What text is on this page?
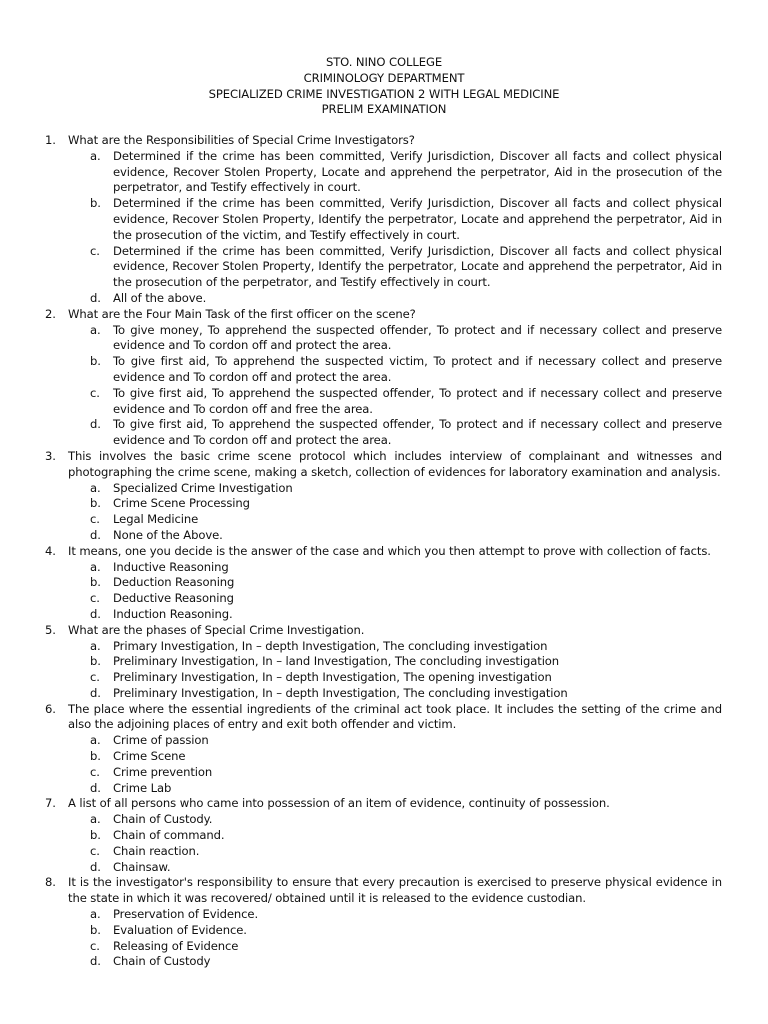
STO. NINO COLLEGE
CRIMINOLOGY DEPARTMENT
SPECIALIZED CRIME INVESTIGATION 2 WITH LEGAL MEDICINE
PRELIM EXAMINATION
1. What are the Responsibilities of Special Crime Investigators?
a. Determined if the crime has been committed, Verify Jurisdiction, Discover all facts and collect physical evidence, Recover Stolen Property, Locate and apprehend the perpetrator, Aid in the prosecution of the perpetrator, and Testify effectively in court.
b. Determined if the crime has been committed, Verify Jurisdiction, Discover all facts and collect physical evidence, Recover Stolen Property, Identify the perpetrator, Locate and apprehend the perpetrator, Aid in the prosecution of the victim, and Testify effectively in court.
c. Determined if the crime has been committed, Verify Jurisdiction, Discover all facts and collect physical evidence, Recover Stolen Property, Identify the perpetrator, Locate and apprehend the perpetrator, Aid in the prosecution of the perpetrator, and Testify effectively in court.
d. All of the above.
2. What are the Four Main Task of the first officer on the scene?
a. To give money, To apprehend the suspected offender, To protect and if necessary collect and preserve evidence and To cordon off and protect the area.
b. To give first aid, To apprehend the suspected victim, To protect and if necessary collect and preserve evidence and To cordon off and protect the area.
c. To give first aid, To apprehend the suspected offender, To protect and if necessary collect and preserve evidence and To cordon off and free the area.
d. To give first aid, To apprehend the suspected offender, To protect and if necessary collect and preserve evidence and To cordon off and protect the area.
3. This involves the basic crime scene protocol which includes interview of complainant and witnesses and photographing the crime scene, making a sketch, collection of evidences for laboratory examination and analysis.
a. Specialized Crime Investigation
b. Crime Scene Processing
c. Legal Medicine
d. None of the Above.
4. It means, one you decide is the answer of the case and which you then attempt to prove with collection of facts.
a. Inductive Reasoning
b. Deduction Reasoning
c. Deductive Reasoning
d. Induction Reasoning.
5. What are the phases of Special Crime Investigation.
a. Primary Investigation, In – depth Investigation, The concluding investigation
b. Preliminary Investigation, In – land Investigation, The concluding investigation
c. Preliminary Investigation, In – depth Investigation, The opening investigation
d. Preliminary Investigation, In – depth Investigation, The concluding investigation
6. The place where the essential ingredients of the criminal act took place. It includes the setting of the crime and also the adjoining places of entry and exit both offender and victim.
a. Crime of passion
b. Crime Scene
c. Crime prevention
d. Crime Lab
7. A list of all persons who came into possession of an item of evidence, continuity of possession.
a. Chain of Custody.
b. Chain of command.
c. Chain reaction.
d. Chainsaw.
8. It is the investigator's responsibility to ensure that every precaution is exercised to preserve physical evidence in the state in which it was recovered/ obtained until it is released to the evidence custodian.
a. Preservation of Evidence.
b. Evaluation of Evidence.
c. Releasing of Evidence
d. Chain of Custody
